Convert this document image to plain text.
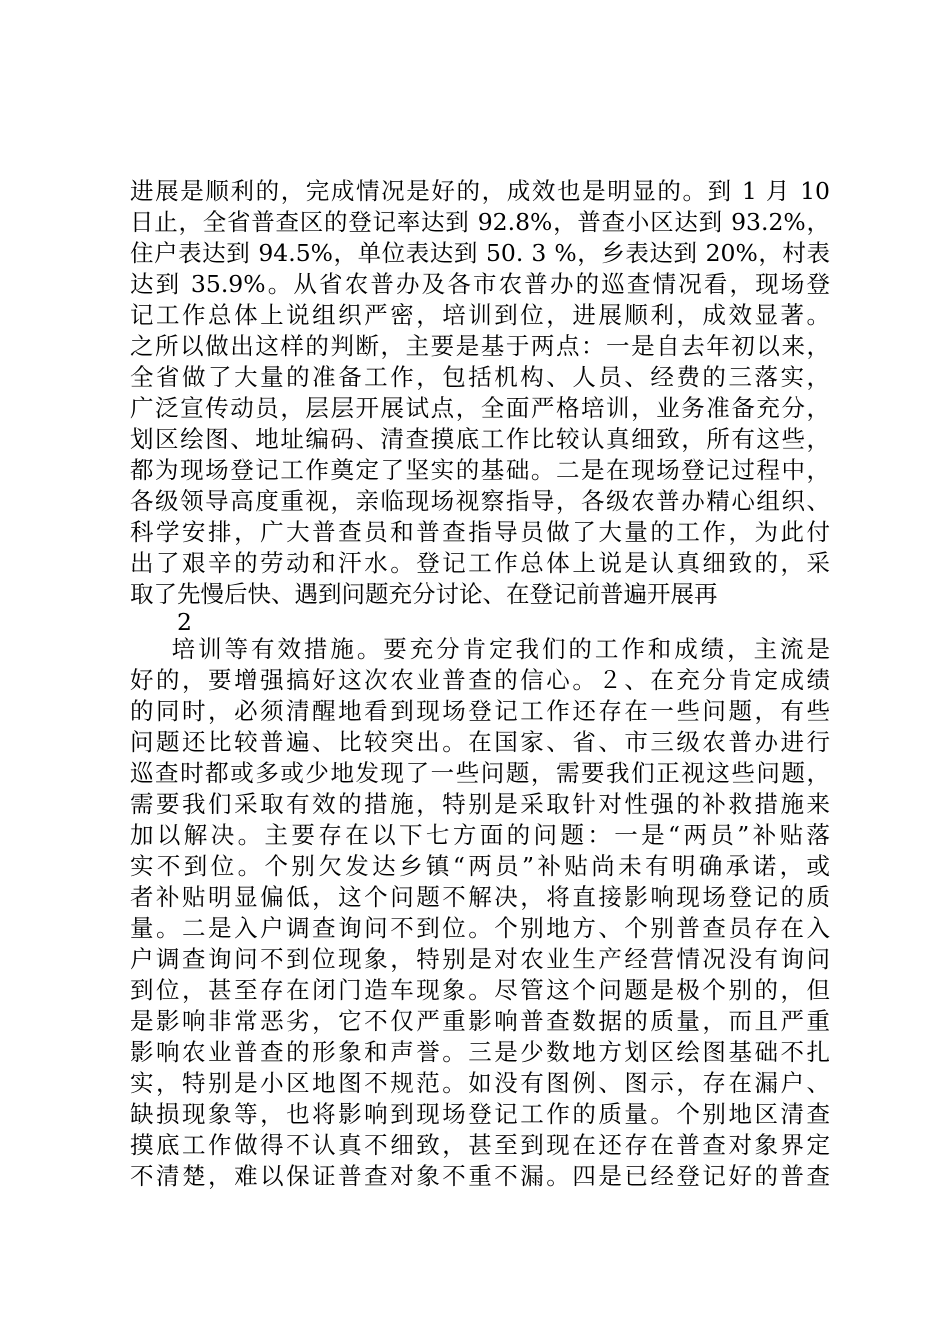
进展是顺利的，完成情况是好的，成效也是明显的。到 1 月 10
日止，全省普查区的登记率达到 92.8%，普查小区达到 93.2%，
住户表达到 94.5%，单位表达到 50. 3 %，乡表达到 20%，村表
达到 35.9%。从省农普办及各市农普办的巡查情况看，现场登
记工作总体上说组织严密，培训到位，进展顺利，成效显著。
之所以做出这样的判断，主要是基于两点：一是自去年初以来，
全省做了大量的准备工作，包括机构、人员、经费的三落实，
广泛宣传动员，层层开展试点，全面严格培训，业务准备充分，
划区绘图、地址编码、清查摸底工作比较认真细致，所有这些，
都为现场登记工作奠定了坚实的基础。二是在现场登记过程中，
各级领导高度重视，亲临现场视察指导，各级农普办精心组织、
科学安排，广大普查员和普查指导员做了大量的工作，为此付
出了艰辛的劳动和汗水。登记工作总体上说是认真细致的，采
取了先慢后快、遇到问题充分讨论、在登记前普遍开展再
2
培训等有效措施。要充分肯定我们的工作和成绩，主流是
好的，要增强搞好这次农业普查的信心。２、在充分肯定成绩
的同时，必须清醒地看到现场登记工作还存在一些问题，有些
问题还比较普遍、比较突出。在国家、省、市三级农普办进行
巡查时都或多或少地发现了一些问题，需要我们正视这些问题，
需要我们采取有效的措施，特别是采取针对性强的补救措施来
加以解决。主要存在以下七方面的问题：一是“两员”补贴落
实不到位。个别欠发达乡镇“两员”补贴尚未有明确承诺，或
者补贴明显偏低，这个问题不解决，将直接影响现场登记的质
量。二是入户调查询问不到位。个别地方、个别普查员存在入
户调查询问不到位现象，特别是对农业生产经营情况没有询问
到位，甚至存在闭门造车现象。尽管这个问题是极个别的，但
是影响非常恶劣，它不仅严重影响普查数据的质量，而且严重
影响农业普查的形象和声誉。三是少数地方划区绘图基础不扎
实，特别是小区地图不规范。如没有图例、图示，存在漏户、
缺损现象等，也将影响到现场登记工作的质量。个别地区清查
摸底工作做得不认真不细致，甚至到现在还存在普查对象界定
不清楚，难以保证普查对象不重不漏。四是已经登记好的普查
